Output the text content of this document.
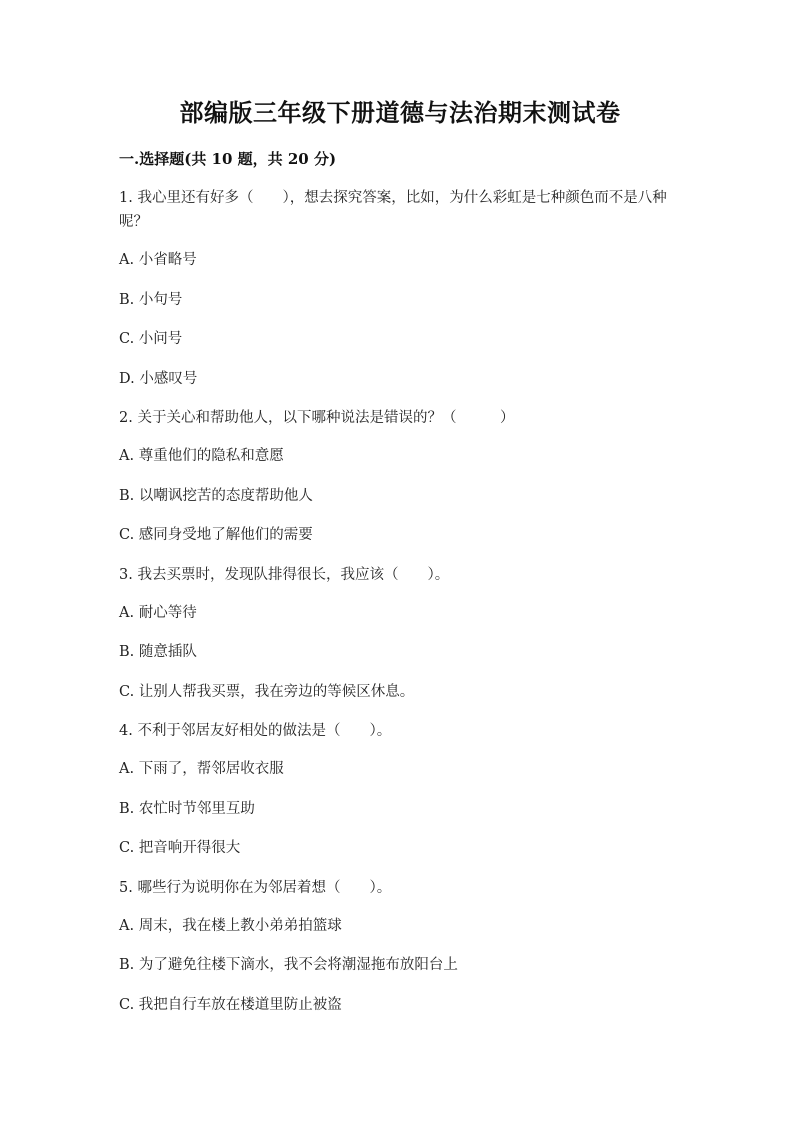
部编版三年级下册道德与法治期末测试卷
一.选择题(共 10 题，共 20 分)

1. 我心里还有好多（　　），想去探究答案，比如，为什么彩虹是七种颜色而不是八种呢？

A. 小省略号

B. 小句号

C. 小问号

D. 小感叹号

2. 关于关心和帮助他人，以下哪种说法是错误的？（　　　）

A. 尊重他们的隐私和意愿

B. 以嘲讽挖苦的态度帮助他人

C. 感同身受地了解他们的需要

3. 我去买票时，发现队排得很长，我应该（　　）。

A. 耐心等待

B. 随意插队

C. 让别人帮我买票，我在旁边的等候区休息。

4. 不利于邻居友好相处的做法是（　　）。

A. 下雨了，帮邻居收衣服

B. 农忙时节邻里互助

C. 把音响开得很大

5. 哪些行为说明你在为邻居着想（　　）。

A. 周末，我在楼上教小弟弟拍篮球

B. 为了避免往楼下滴水，我不会将潮湿拖布放阳台上

C. 我把自行车放在楼道里防止被盗
